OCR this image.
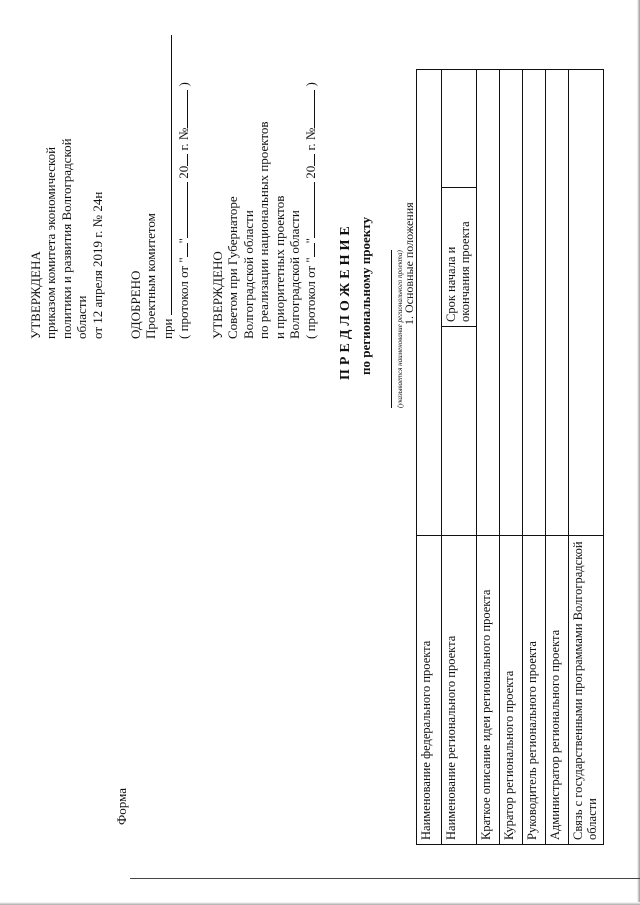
Форма
УТВЕРЖДЕНА приказом комитета экономической политики и развития Волгоградской области от 12 апреля 2019 г. № 24н ОДОБРЕНО Проектным комитетом при ( протокол от "
"

20

г. №

)
УТВЕРЖДЕНО Советом при Губернаторе Волгоградской области по реализации национальных проектов и приоритетных проектов Волгоградской области ( протокол от "
"

20

г. №

)
ПРЕДЛОЖЕНИЕ по региональному проекту	(указывается наименование регионального проекта)
1. Основные положения
Наименование федерального проекта			
Наименование регионального проекта		Срок начала и окончания проекта	
Краткое описание идеи регионального проекта			
Куратор регионального проекта			
Руководитель регионального проекта			
Администратор регионального проекта			
Связь с государственными программами Волгоградской области			
